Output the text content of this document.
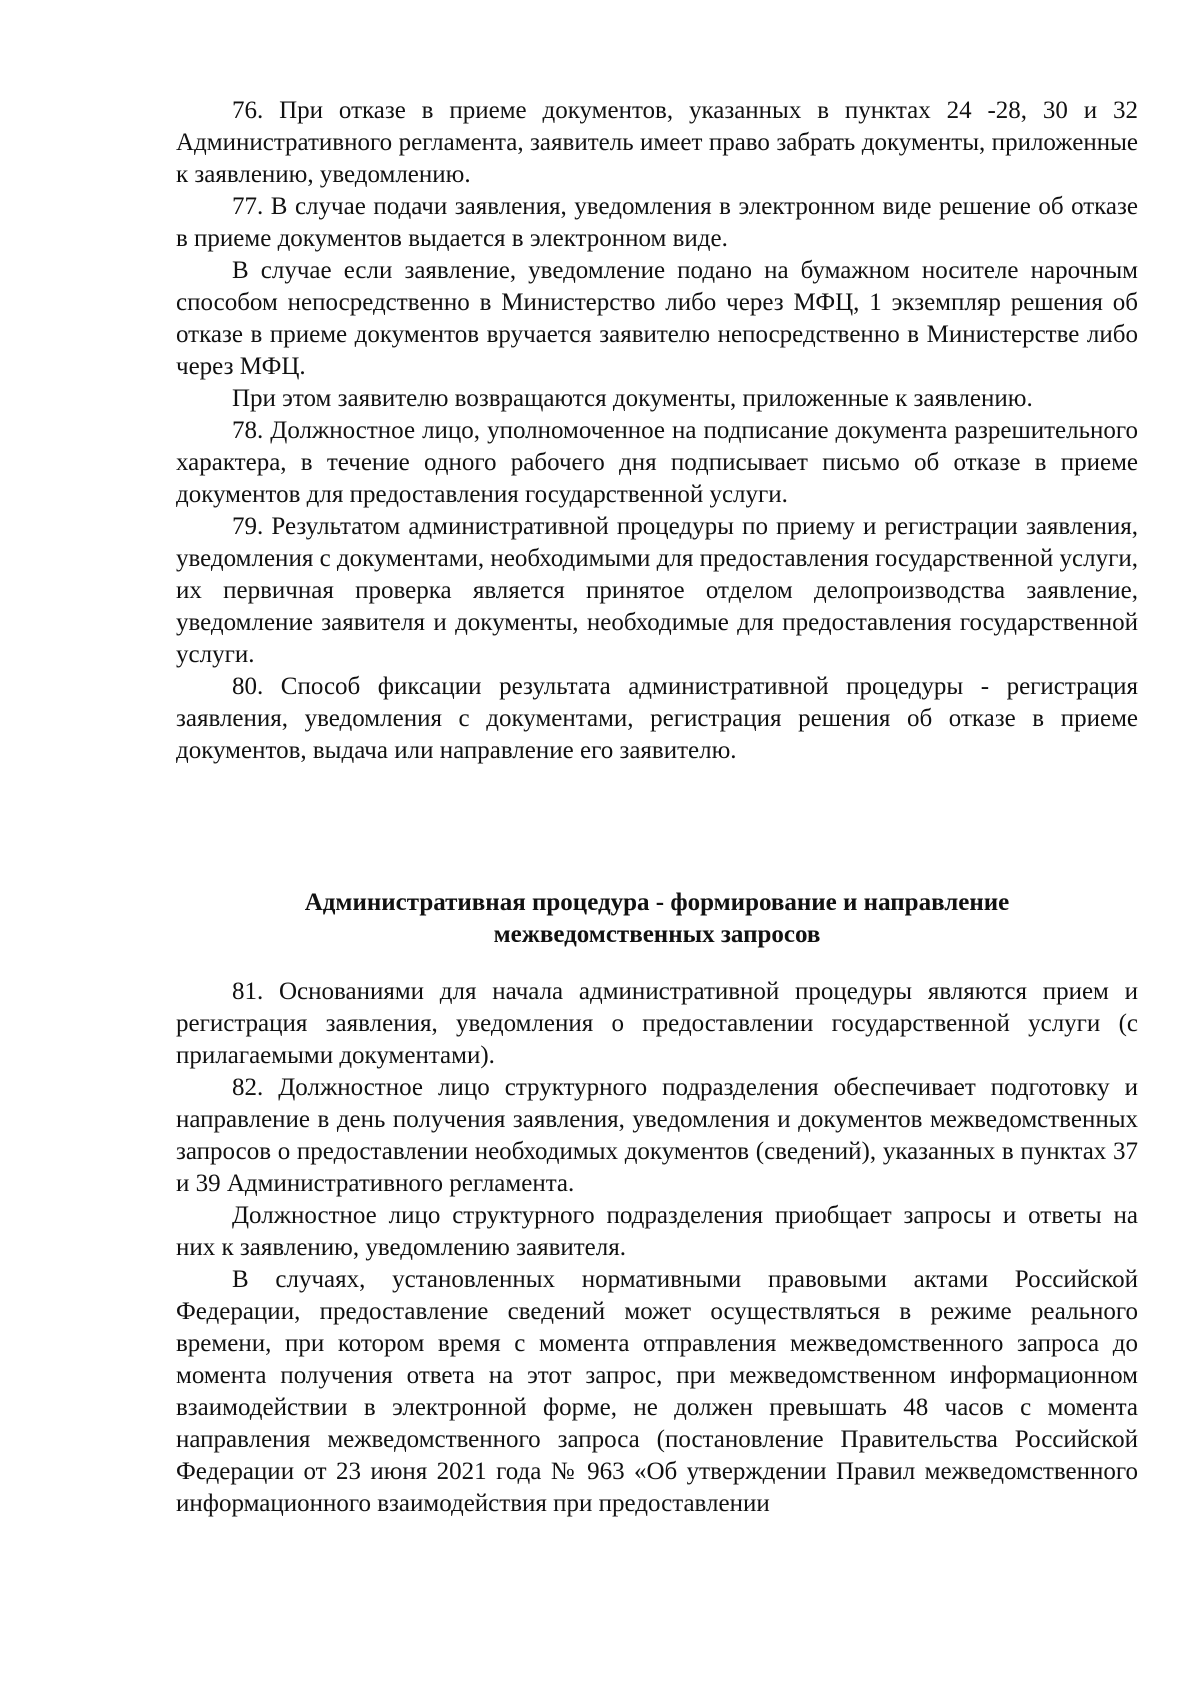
76. При отказе в приеме документов, указанных в пунктах 24 -28, 30 и 32 Административного регламента, заявитель имеет право забрать документы, приложенные к заявлению, уведомлению.

77. В случае подачи заявления, уведомления в электронном виде решение об отказе в приеме документов выдается в электронном виде.

В случае если заявление, уведомление подано на бумажном носителе нарочным способом непосредственно в Министерство либо через МФЦ, 1 экземпляр решения об отказе в приеме документов вручается заявителю непосредственно в Министерстве либо через МФЦ.

При этом заявителю возвращаются документы, приложенные к заявлению.

78. Должностное лицо, уполномоченное на подписание документа разрешительного характера, в течение одного рабочего дня подписывает письмо об отказе в приеме документов для предоставления государственной услуги.

79. Результатом административной процедуры по приему и регистрации заявления, уведомления с документами, необходимыми для предоставления государственной услуги, их первичная проверка является принятое отделом делопроизводства заявление, уведомление заявителя и документы, необходимые для предоставления государственной услуги.

80. Способ фиксации результата административной процедуры - регистрация заявления, уведомления с документами, регистрация решения об отказе в приеме документов, выдача или направление его заявителю.

Административная процедура - формирование и направление
межведомственных запросов

81. Основаниями для начала административной процедуры являются прием и регистрация заявления, уведомления о предоставлении государственной услуги (с прилагаемыми документами).

82. Должностное лицо структурного подразделения обеспечивает подготовку и направление в день получения заявления, уведомления и документов межведомственных запросов о предоставлении необходимых документов (сведений), указанных в пунктах 37 и 39 Административного регламента.

Должностное лицо структурного подразделения приобщает запросы и ответы на них к заявлению, уведомлению заявителя.

В случаях, установленных нормативными правовыми актами Российской Федерации, предоставление сведений может осуществляться в режиме реального времени, при котором время с момента отправления межведомственного запроса до момента получения ответа на этот запрос, при межведомственном информационном взаимодействии в электронной форме, не должен превышать 48 часов с момента направления межведомственного запроса (постановление Правительства Российской Федерации от 23 июня 2021 года № 963 «Об утверждении Правил межведомственного информационного взаимодействия при предоставлении
